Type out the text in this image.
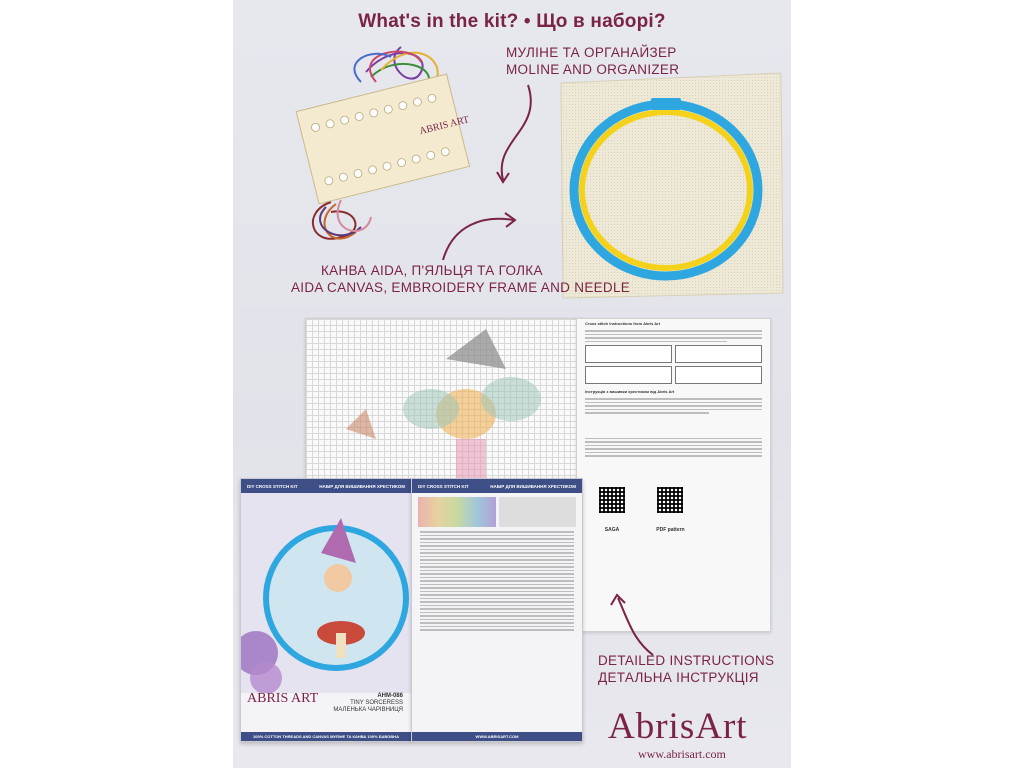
What's in the kit? • Що в наборі?
ABRIS ART
МУЛІНЕ ТА ОРГАНАЙЗЕР
MOLINE AND ORGANIZER
КАНВА AIDA, П'ЯЛЬЦЯ ТА ГОЛКА
AIDA CANVAS, EMBROIDERY FRAME AND NEEDLE
Cross stitch instructions from Abris Art
Інструкція з вишивки хрестиком від Abris Art

SAGA	PDF pattern
DIY CROSS STITCH KIT	НАБІР ДЛЯ ВИШИВАННЯ ХРЕСТИКОМ
ABRIS ART	AHM-086
TINY SORCERESS
МАЛЕНЬКА ЧАРІВНИЦЯ
100% COTTON THREADS AND CANVAS МУЛІНЕ ТА КАНВА 100% БАВОВНА
DIY CROSS STITCH KIT	НАБІР ДЛЯ ВИШИВАННЯ ХРЕСТИКОМ
WWW.ABRISART.COM
DETAILED INSTRUCTIONS
ДЕТАЛЬНА ІНСТРУКЦІЯ
AbrisArt
www.abrisart.com
